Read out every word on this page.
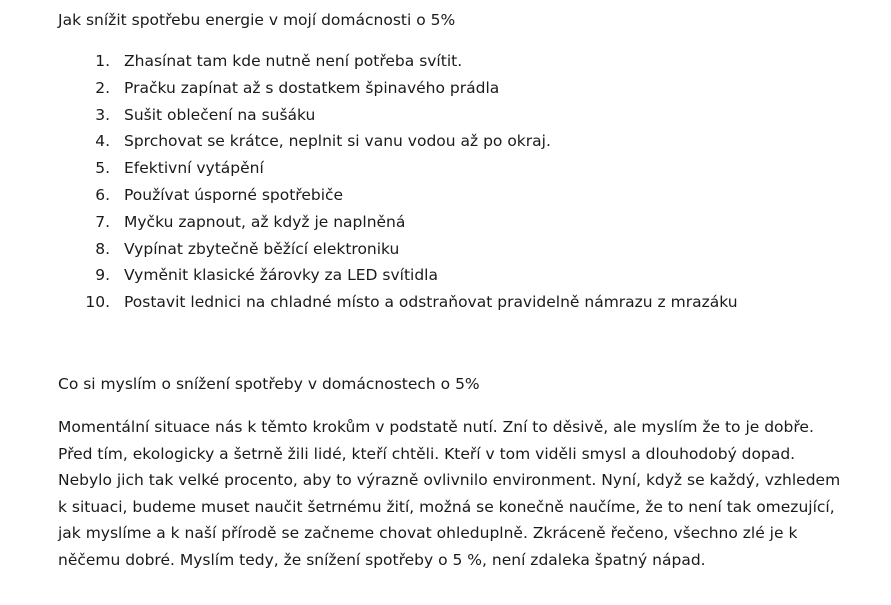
Jak snížit spotřebu energie v mojí domácnosti o 5%
1. Zhasínat tam kde nutně není potřeba svítit.
2. Pračku zapínat až s dostatkem špinavého prádla
3. Sušit oblečení na sušáku
4. Sprchovat se krátce, neplnit si vanu vodou až po okraj.
5. Efektivní vytápění
6. Používat úsporné spotřebiče
7. Myčku zapnout, až když je naplněná
8. Vypínat zbytečně běžící elektroniku
9. Vyměnit klasické žárovky za LED svítidla
10. Postavit lednici na chladné místo a odstraňovat pravidelně námrazu z mrazáku
Co si myslím o snížení spotřeby v domácnostech o 5%

Momentální situace nás k těmto krokům v podstatě nutí. Zní to děsivě, ale myslím že to je dobře.
Před tím, ekologicky a šetrně žili lidé, kteří chtěli. Kteří v tom viděli smysl a dlouhodobý dopad.
Nebylo jich tak velké procento, aby to výrazně ovlivnilo environment. Nyní, když se každý, vzhledem
k situaci, budeme muset naučit šetrnému žití, možná se konečně naučíme, že to není tak omezující,
jak myslíme a k naší přírodě se začneme chovat ohleduplně. Zkráceně řečeno, všechno zlé je k
něčemu dobré. Myslím tedy, že snížení spotřeby o 5 %, není zdaleka špatný nápad.
